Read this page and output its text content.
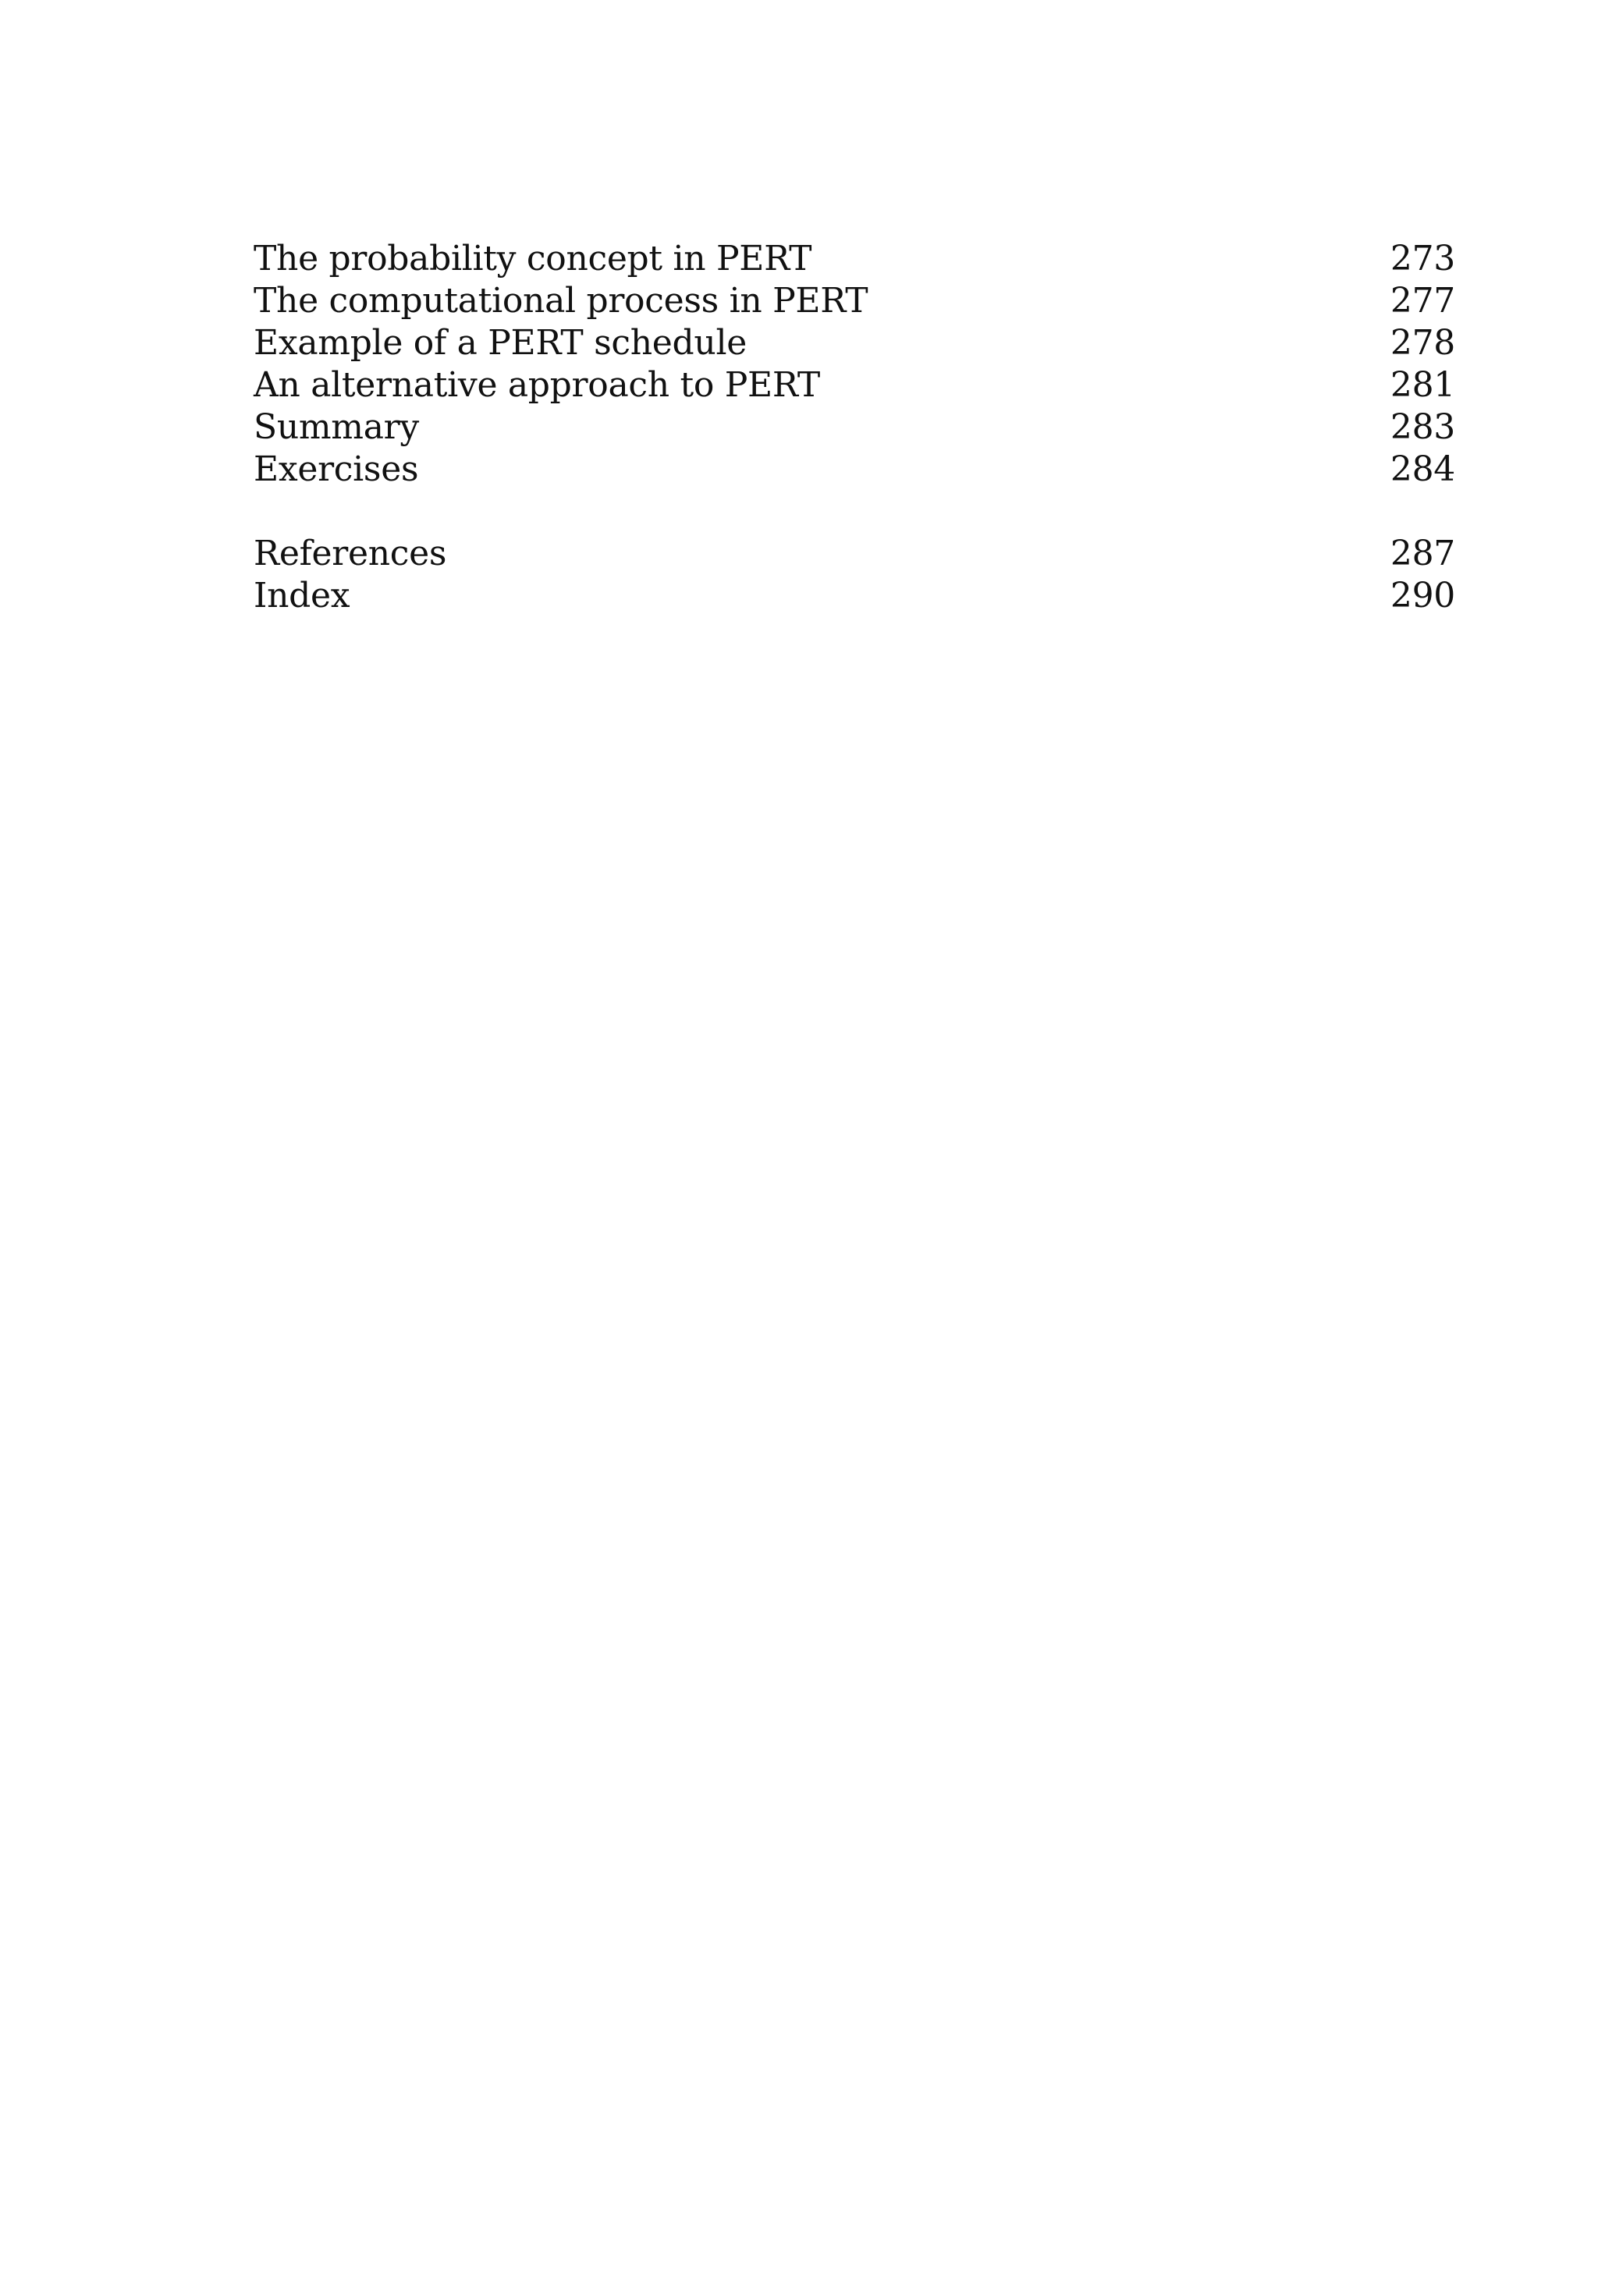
The probability concept in PERT	273
The computational process in PERT	277
Example of a PERT schedule	278
An alternative approach to PERT	281
Summary	283
Exercises	284
References	287
Index	290
